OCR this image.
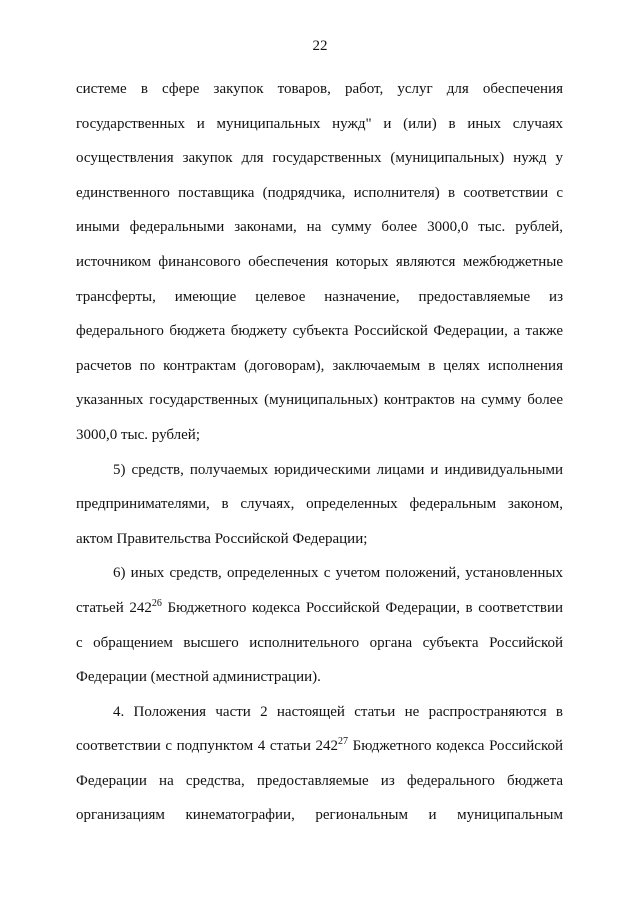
22

системе в сфере закупок товаров, работ, услуг для обеспечения
государственных и муниципальных нужд" и (или) в иных случаях
осуществления закупок для государственных (муниципальных) нужд у
единственного поставщика (подрядчика, исполнителя) в соответствии с
иными федеральными законами, на сумму более 3000,0 тыс. рублей,
источником финансового обеспечения которых являются межбюджетные
трансферты, имеющие целевое назначение, предоставляемые из
федерального бюджета бюджету субъекта Российской Федерации, а также
расчетов по контрактам (договорам), заключаемым в целях исполнения
указанных государственных (муниципальных) контрактов на сумму более
3000,0 тыс. рублей;

5) средств, получаемых юридическими лицами и индивидуальными
предпринимателями, в случаях, определенных федеральным законом,
актом Правительства Российской Федерации;

6) иных средств, определенных с учетом положений, установленных
статьей $242^{26}$ Бюджетного кодекса Российской Федерации, в соответствии
с обращением высшего исполнительного органа субъекта Российской
Федерации (местной администрации).

4. Положения части 2 настоящей статьи не распространяются в
соответствии с подпунктом 4 статьи $242^{27}$ Бюджетного кодекса Российской
Федерации на средства, предоставляемые из федерального бюджета
организациям кинематографии, региональным и муниципальным
